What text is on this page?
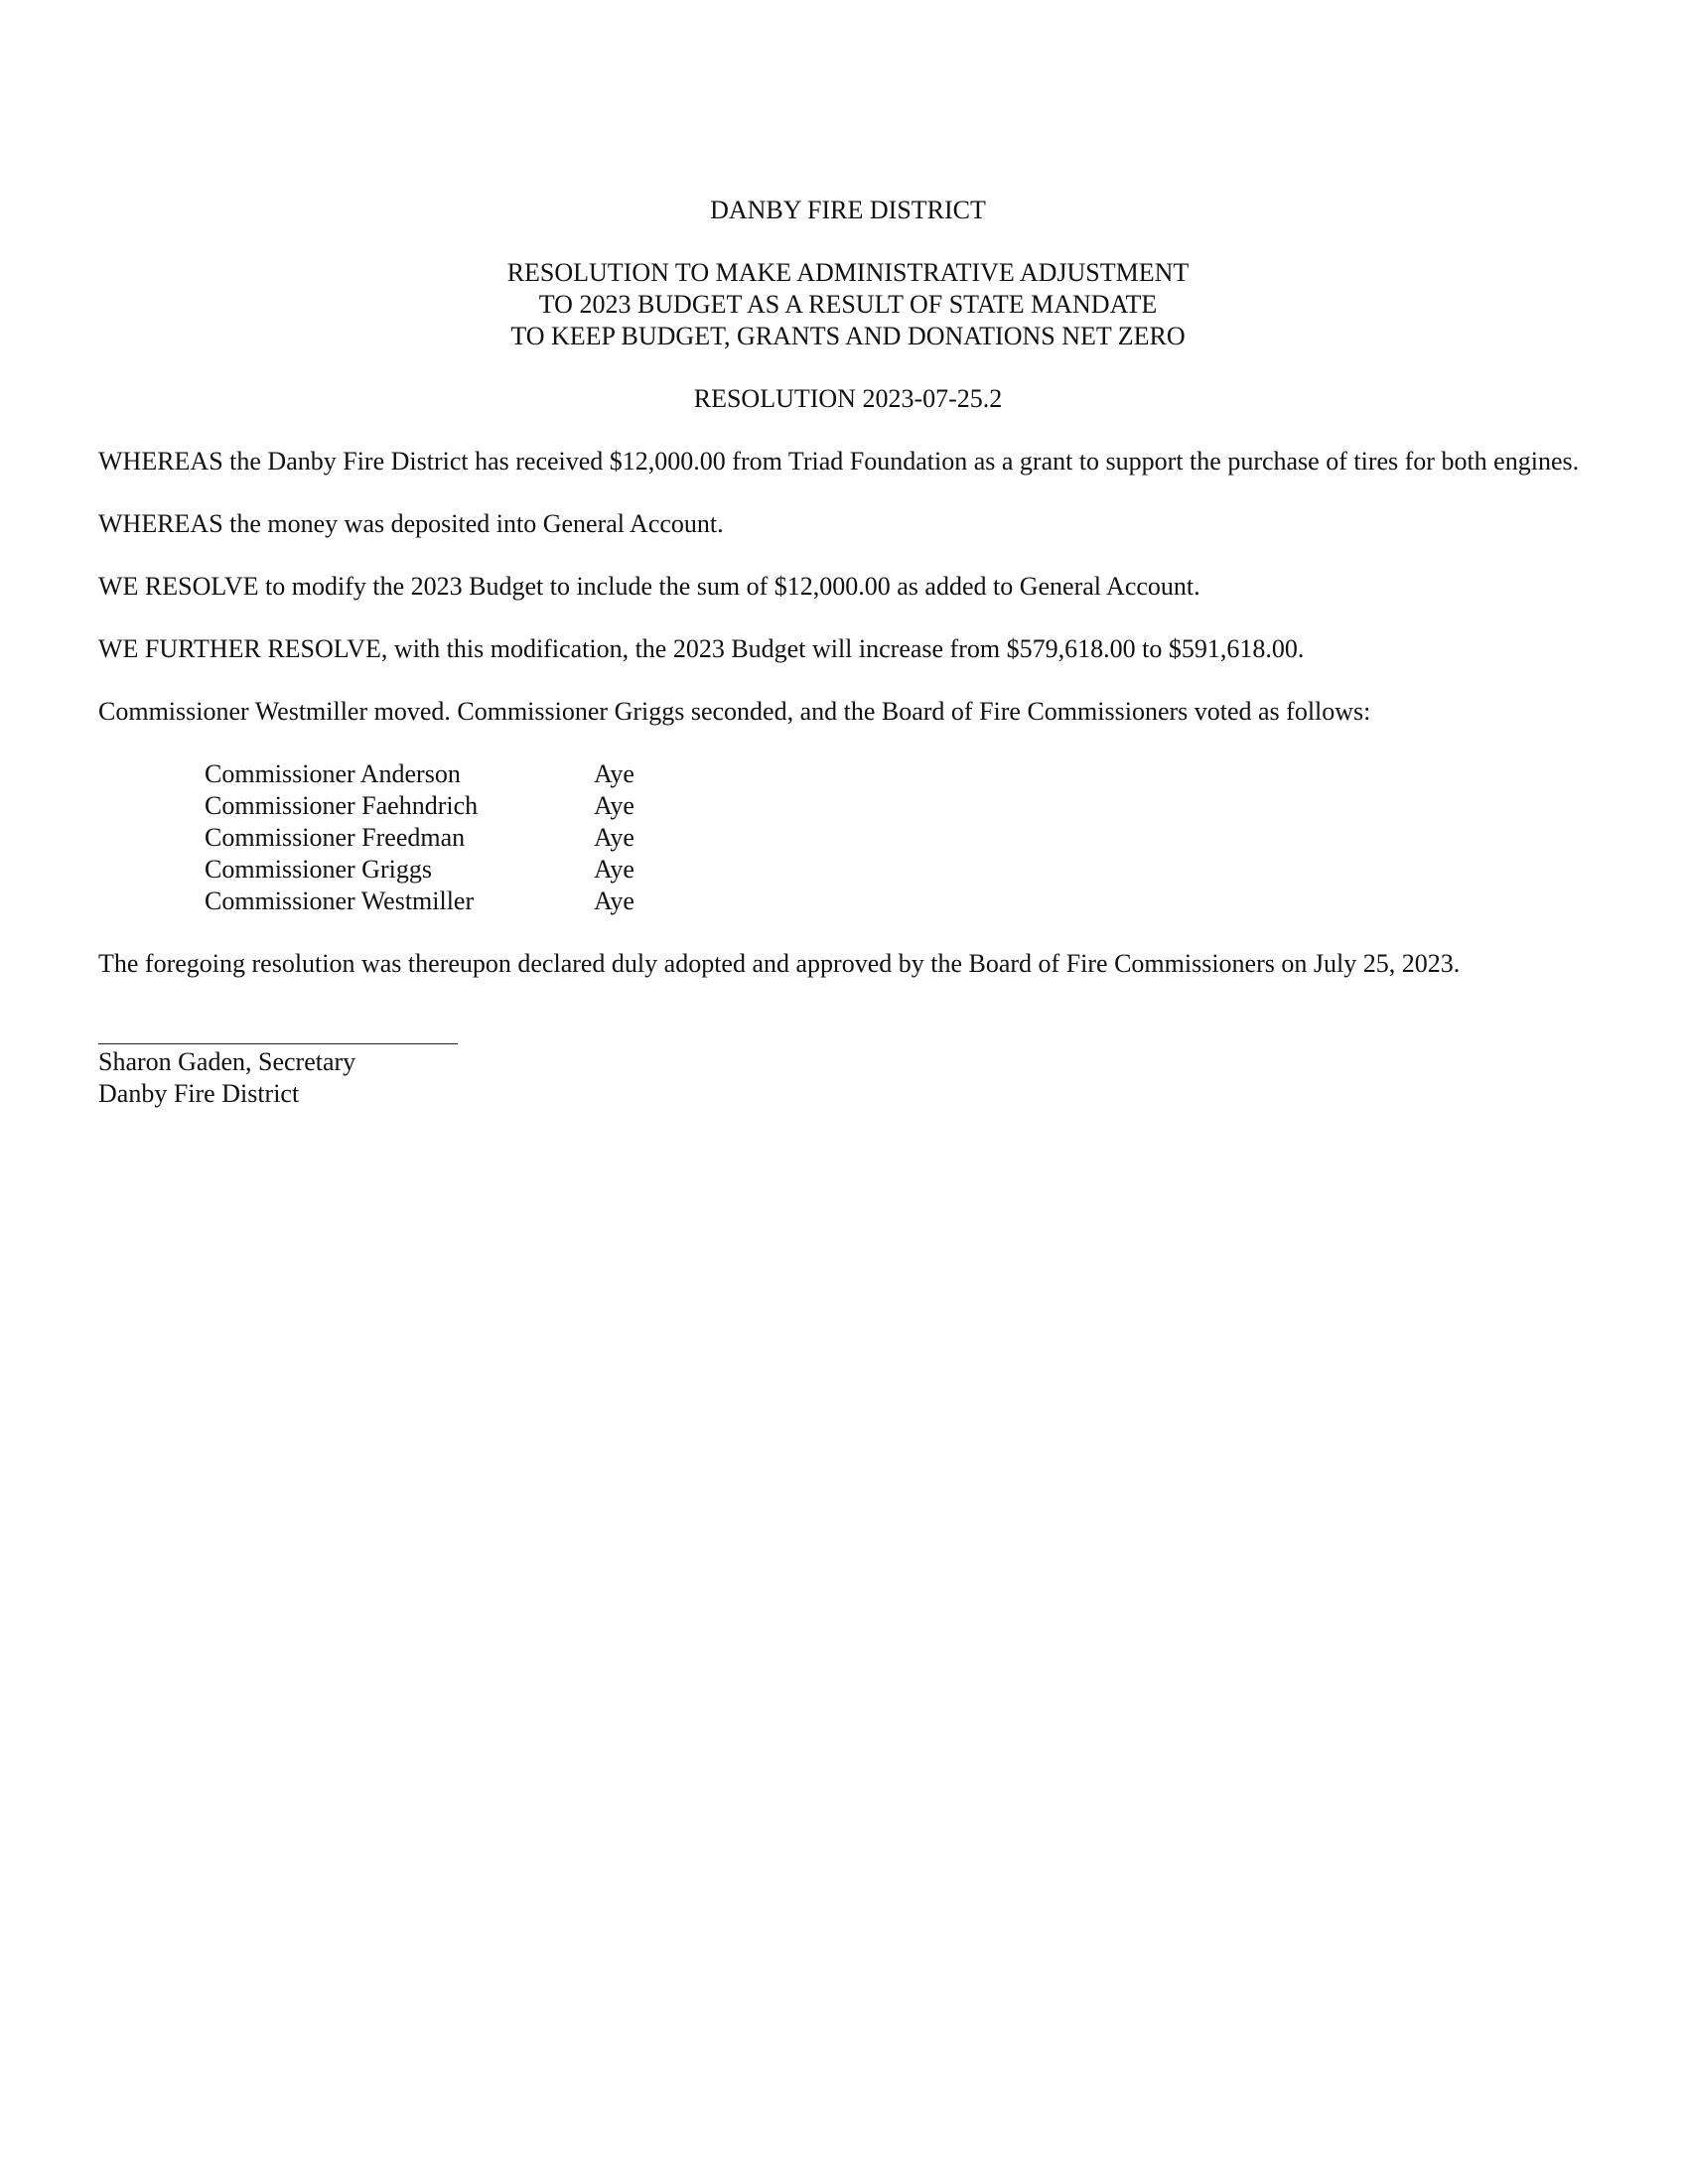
DANBY FIRE DISTRICT

RESOLUTION TO MAKE ADMINISTRATIVE ADJUSTMENT
TO 2023 BUDGET AS A RESULT OF STATE MANDATE
TO KEEP BUDGET, GRANTS AND DONATIONS NET ZERO

RESOLUTION 2023-07-25.2

WHEREAS the Danby Fire District has received $12,000.00 from Triad Foundation as a grant to support the purchase of tires for both engines.

WHEREAS the money was deposited into General Account.

WE RESOLVE to modify the 2023 Budget to include the sum of $12,000.00 as added to General Account.

WE FURTHER RESOLVE, with this modification, the 2023 Budget will increase from $579,618.00 to $591,618.00.

Commissioner Westmiller moved. Commissioner Griggs seconded, and the Board of Fire Commissioners voted as follows:

Commissioner Anderson	Aye
Commissioner Faehndrich	Aye
Commissioner Freedman	Aye
Commissioner Griggs	Aye
Commissioner Westmiller	Aye

The foregoing resolution was thereupon declared duly adopted and approved by the Board of Fire Commissioners on July 25, 2023.

Sharon Gaden, Secretary
Danby Fire District
